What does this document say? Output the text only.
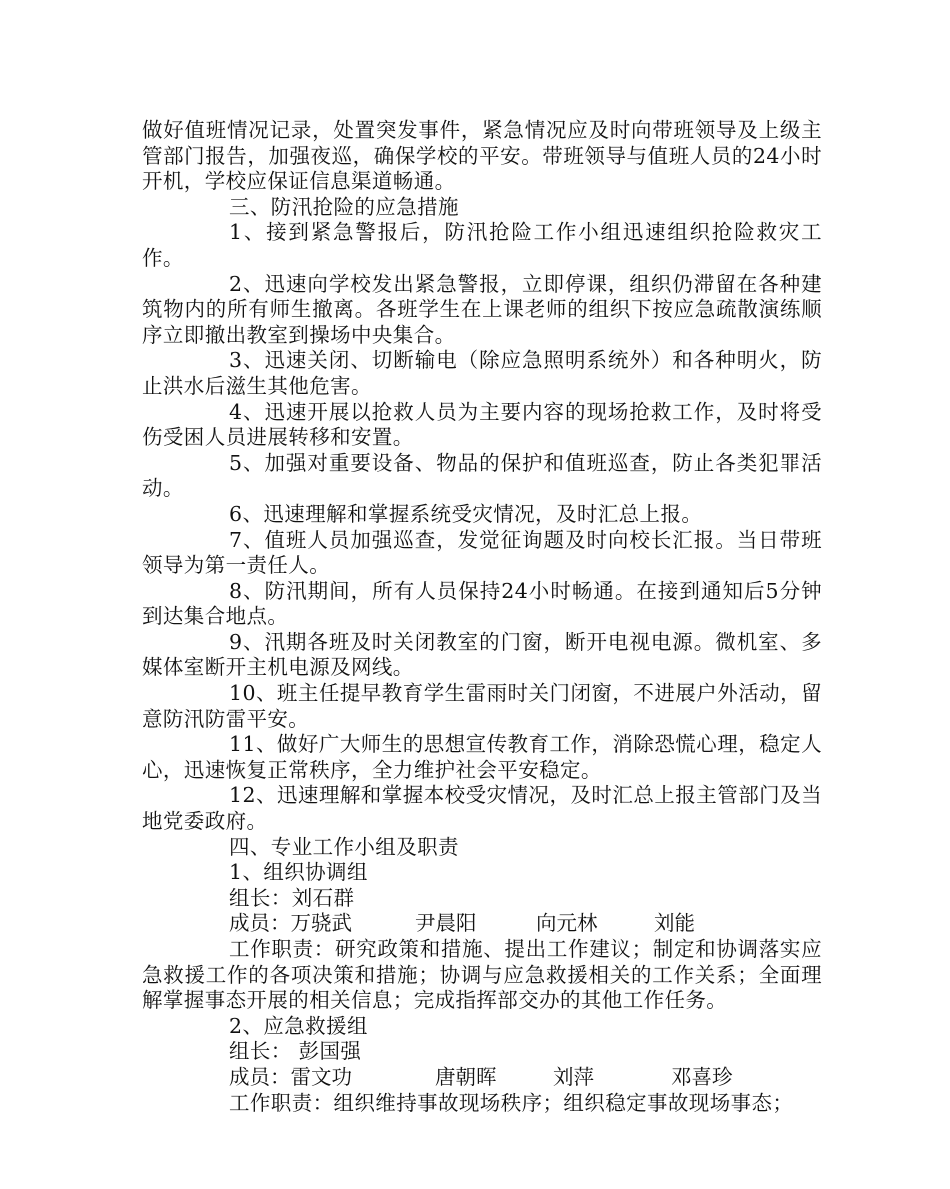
做好值班情况记录，处置突发事件，紧急情况应及时向带班领导及上级主管部门报告，加强夜巡，确保学校的平安。带班领导与值班人员的24小时开机，学校应保证信息渠道畅通。

三、防汛抢险的应急措施

1、接到紧急警报后，防汛抢险工作小组迅速组织抢险救灾工作。

2、迅速向学校发出紧急警报，立即停课，组织仍滞留在各种建筑物内的所有师生撤离。各班学生在上课老师的组织下按应急疏散演练顺序立即撤出教室到操场中央集合。

3、迅速关闭、切断输电（除应急照明系统外）和各种明火，防止洪水后滋生其他危害。

4、迅速开展以抢救人员为主要内容的现场抢救工作，及时将受伤受困人员进展转移和安置。

5、加强对重要设备、物品的保护和值班巡查，防止各类犯罪活动。

6、迅速理解和掌握系统受灾情况，及时汇总上报。

7、值班人员加强巡查，发觉征询题及时向校长汇报。当日带班领导为第一责任人。

8、防汛期间，所有人员保持24小时畅通。在接到通知后5分钟到达集合地点。

9、汛期各班及时关闭教室的门窗，断开电视电源。微机室、多媒体室断开主机电源及网线。

10、班主任提早教育学生雷雨时关门闭窗，不进展户外活动，留意防汛防雷平安。

11、做好广大师生的思想宣传教育工作，消除恐慌心理，稳定人心，迅速恢复正常秩序，全力维护社会平安稳定。

12、迅速理解和掌握本校受灾情况，及时汇总上报主管部门及当地党委政府。

四、专业工作小组及职责

1、组织协调组

组长：刘石群

成员：万骁武	尹晨阳	向元林	刘能

工作职责：研究政策和措施、提出工作建议；制定和协调落实应急救援工作的各项决策和措施；协调与应急救援相关的工作关系；全面理解掌握事态开展的相关信息；完成指挥部交办的其他工作任务。

2、应急救援组

组长： 彭国强

成员：雷文功	唐朝晖	刘萍	邓喜珍

工作职责：组织维持事故现场秩序；组织稳定事故现场事态；
